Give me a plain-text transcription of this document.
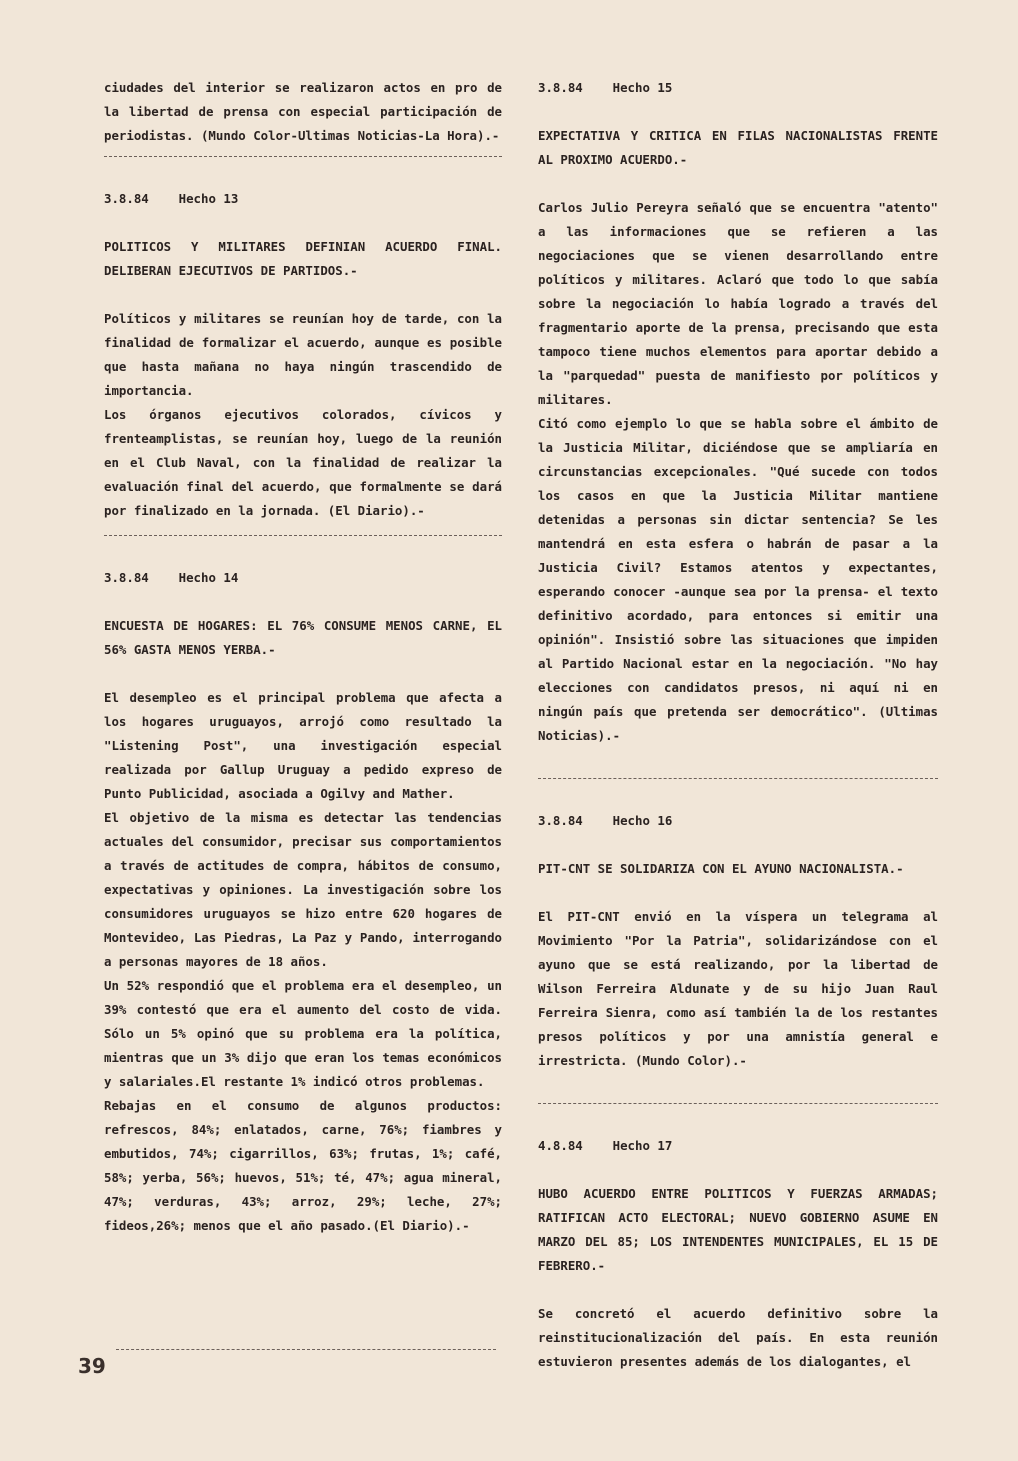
ciudades del interior se realizaron actos en pro de la libertad de prensa con especial participación de periodistas. (Mundo Color-Ultimas Noticias-La Hora).-

3.8.84 Hecho 13

POLITICOS Y MILITARES DEFINIAN ACUERDO FINAL. DELIBERAN EJECUTIVOS DE PARTIDOS.-

Políticos y militares se reunían hoy de tarde, con la finalidad de formalizar el acuerdo, aunque es posible que hasta mañana no haya ningún trascendido de importancia.

Los órganos ejecutivos colorados, cívicos y frenteamplistas, se reunían hoy, luego de la reunión en el Club Naval, con la finalidad de realizar la evaluación final del acuerdo, que formalmente se dará por finalizado en la jornada. (El Diario).-

3.8.84 Hecho 14

ENCUESTA DE HOGARES: EL 76% CONSUME MENOS CARNE, EL 56% GASTA MENOS YERBA.-

El desempleo es el principal problema que afecta a los hogares uruguayos, arrojó como resultado la "Listening Post", una investigación especial realizada por Gallup Uruguay a pedido expreso de Punto Publicidad, asociada a Ogilvy and Mather.

El objetivo de la misma es detectar las tendencias actuales del consumidor, precisar sus comportamientos a través de actitudes de compra, hábitos de consumo, expectativas y opiniones. La investigación sobre los consumidores uruguayos se hizo entre 620 hogares de Montevideo, Las Piedras, La Paz y Pando, interrogando a personas mayores de 18 años.

Un 52% respondió que el problema era el desempleo, un 39% contestó que era el aumento del costo de vida. Sólo un 5% opinó que su problema era la política, mientras que un 3% dijo que eran los temas económicos y salariales.El restante 1% indicó otros problemas.

Rebajas en el consumo de algunos productos: refrescos, 84%; enlatados, carne, 76%; fiambres y embutidos, 74%; cigarrillos, 63%; frutas, 1%; café, 58%; yerba, 56%; huevos, 51%; té, 47%; agua mineral, 47%; verduras, 43%; arroz, 29%; leche, 27%; fideos,26%; menos que el año pasado.(El Diario).-

39

3.8.84 Hecho 15

EXPECTATIVA Y CRITICA EN FILAS NACIONALISTAS FRENTE AL PROXIMO ACUERDO.-

Carlos Julio Pereyra señaló que se encuentra "atento" a las informaciones que se refieren a las negociaciones que se vienen desarrollando entre políticos y militares. Aclaró que todo lo que sabía sobre la negociación lo había logrado a través del fragmentario aporte de la prensa, precisando que esta tampoco tiene muchos elementos para aportar debido a la "parquedad" puesta de manifiesto por políticos y militares.

Citó como ejemplo lo que se habla sobre el ámbito de la Justicia Militar, diciéndose que se ampliaría en circunstancias excepcionales. "Qué sucede con todos los casos en que la Justicia Militar mantiene detenidas a personas sin dictar sentencia? Se les mantendrá en esta esfera o habrán de pasar a la Justicia Civil? Estamos atentos y expectantes, esperando conocer -aunque sea por la prensa- el texto definitivo acordado, para entonces si emitir una opinión". Insistió sobre las situaciones que impiden al Partido Nacional estar en la negociación. "No hay elecciones con candidatos presos, ni aquí ni en ningún país que pretenda ser democrático". (Ultimas Noticias).-

3.8.84 Hecho 16

PIT-CNT SE SOLIDARIZA CON EL AYUNO NACIONALISTA.-

El PIT-CNT envió en la víspera un telegrama al Movimiento "Por la Patria", solidarizándose con el ayuno que se está realizando, por la libertad de Wilson Ferreira Aldunate y de su hijo Juan Raul Ferreira Sienra, como así también la de los restantes presos políticos y por una amnistía general e irrestricta. (Mundo Color).-

4.8.84 Hecho 17

HUBO ACUERDO ENTRE POLITICOS Y FUERZAS ARMADAS; RATIFICAN ACTO ELECTORAL; NUEVO GOBIERNO ASUME EN MARZO DEL 85; LOS INTENDENTES MUNICIPALES, EL 15 DE FEBRERO.-

Se concretó el acuerdo definitivo sobre la reinstitucionalización del país. En esta reunión estuvieron presentes además de los dialogantes, el
